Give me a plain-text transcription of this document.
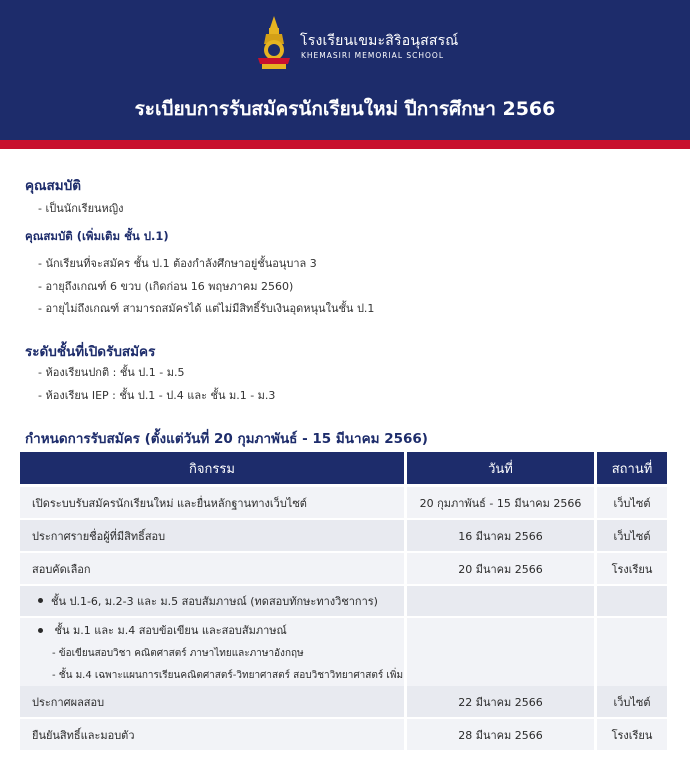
โรงเรียนเขมะสิริอนุสสรณ์
KHEMASIRI MEMORIAL SCHOOL
ระเบียบการรับสมัครนักเรียนใหม่ ปีการศึกษา 2566
คุณสมบัติ
- เป็นนักเรียนหญิง
คุณสมบัติ (เพิ่มเติม ชั้น ป.1)
- นักเรียนที่จะสมัคร ชั้น ป.1 ต้องกำลังศึกษาอยู่ชั้นอนุบาล 3
- อายุถึงเกณฑ์ 6 ขวบ (เกิดก่อน 16 พฤษภาคม 2560)
- อายุไม่ถึงเกณฑ์ สามารถสมัครได้ แต่ไม่มีสิทธิ์รับเงินอุดหนุนในชั้น ป.1
ระดับชั้นที่เปิดรับสมัคร
- ห้องเรียนปกติ : ชั้น ป.1 - ม.5
- ห้องเรียน IEP : ชั้น ป.1 - ป.4 และ ชั้น ม.1 - ม.3
กำหนดการรับสมัคร (ตั้งแต่วันที่ 20 กุมภาพันธ์ - 15 มีนาคม 2566)
กิจกรรม	วันที่	สถานที่
เปิดระบบรับสมัครนักเรียนใหม่ และยื่นหลักฐานทางเว็บไซต์	20 กุมภาพันธ์ - 15 มีนาคม 2566	เว็บไซต์
ประกาศรายชื่อผู้ที่มีสิทธิ์สอบ	16 มีนาคม 2566	เว็บไซต์
สอบคัดเลือก	20 มีนาคม 2566	โรงเรียน
ชั้น ป.1-6, ม.2-3 และ ม.5 สอบสัมภาษณ์ (ทดสอบทักษะทางวิชาการ)
ชั้น ม.1 และ ม.4 สอบข้อเขียน และสอบสัมภาษณ์
- ข้อเขียนสอบวิชา คณิตศาสตร์ ภาษาไทยและภาษาอังกฤษ
- ชั้น ม.4 เฉพาะแผนการเรียนคณิตศาสตร์-วิทยาศาสตร์ สอบวิชาวิทยาศาสตร์ เพิ่ม
ประกาศผลสอบ	22 มีนาคม 2566	เว็บไซต์
ยืนยันสิทธิ์และมอบตัว	28 มีนาคม 2566	โรงเรียน
